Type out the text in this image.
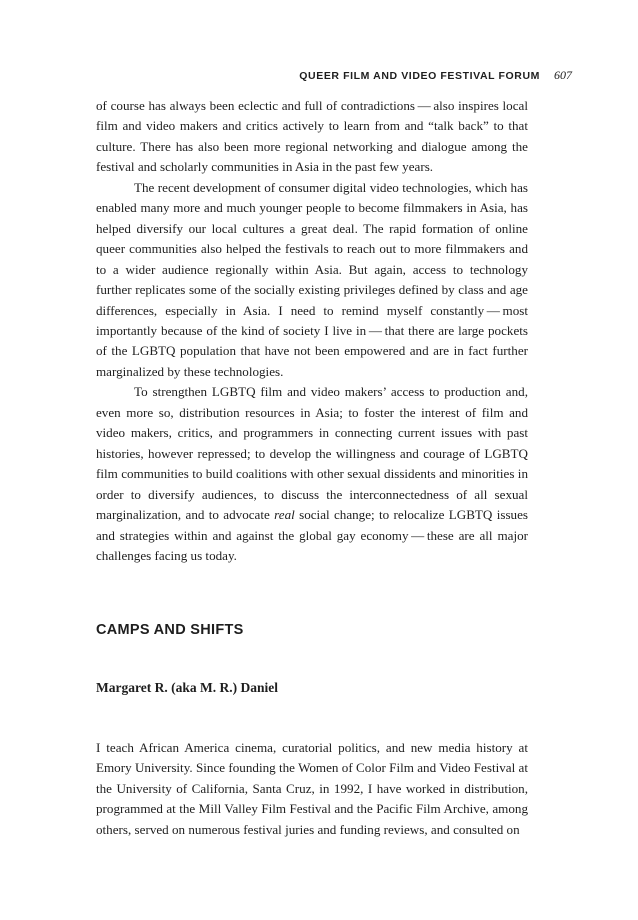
QUEER FILM AND VIDEO FESTIVAL FORUM 607

of course has always been eclectic and full of contradictions — also inspires local film and video makers and critics actively to learn from and “talk back” to that culture. There has also been more regional networking and dialogue among the festival and scholarly communities in Asia in the past few years.

The recent development of consumer digital video technologies, which has enabled many more and much younger people to become filmmakers in Asia, has helped diversify our local cultures a great deal. The rapid formation of online queer communities also helped the festivals to reach out to more filmmakers and to a wider audience regionally within Asia. But again, access to technology further replicates some of the socially existing privileges defined by class and age differences, especially in Asia. I need to remind myself constantly — most importantly because of the kind of society I live in — that there are large pockets of the LGBTQ population that have not been empowered and are in fact further marginalized by these technologies.

To strengthen LGBTQ film and video makers’ access to production and, even more so, distribution resources in Asia; to foster the interest of film and video makers, critics, and programmers in connecting current issues with past histories, however repressed; to develop the willingness and courage of LGBTQ film communities to build coalitions with other sexual dissidents and minorities in order to diversify audiences, to discuss the interconnectedness of all sexual marginalization, and to advocate real social change; to relocalize LGBTQ issues and strategies within and against the global gay economy — these are all major challenges facing us today.

CAMPS AND SHIFTS
Margaret R. (aka M. R.) Daniel

I teach African America cinema, curatorial politics, and new media history at Emory University. Since founding the Women of Color Film and Video Festival at the University of California, Santa Cruz, in 1992, I have worked in distribution, programmed at the Mill Valley Film Festival and the Pacific Film Archive, among others, served on numerous festival juries and funding reviews, and consulted on
